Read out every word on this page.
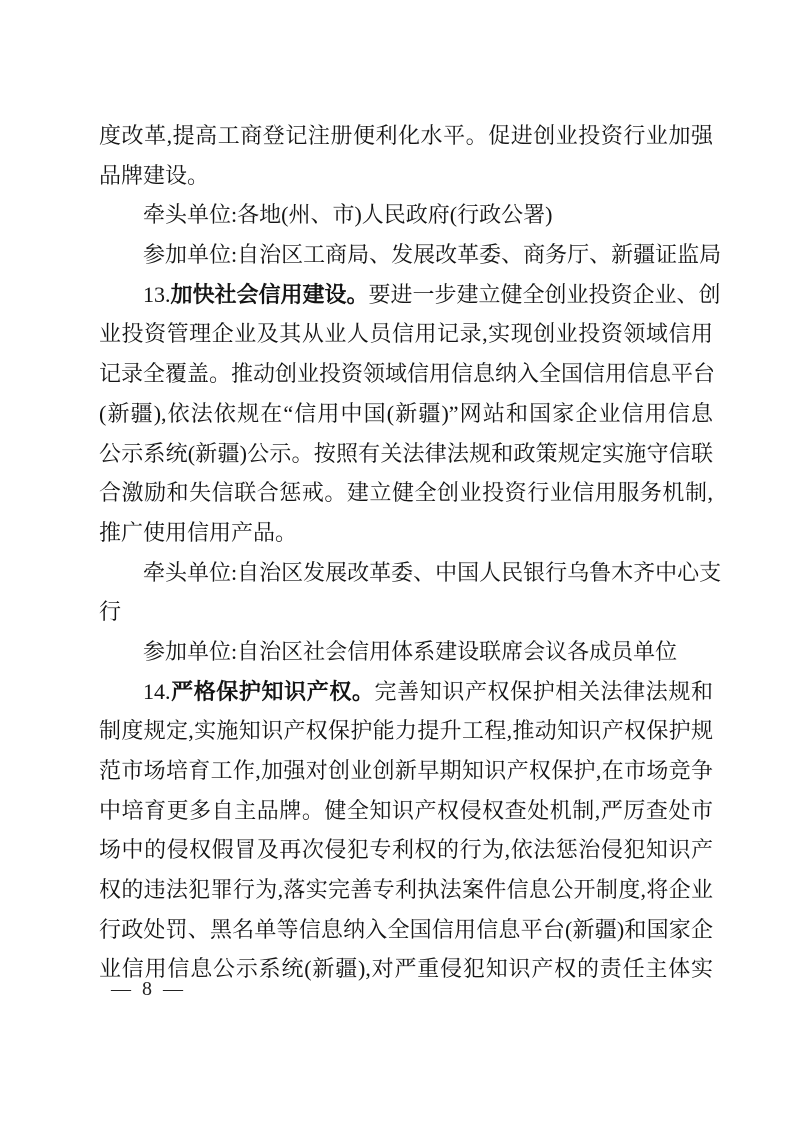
度改革,提高工商登记注册便利化水平。促进创业投资行业加强
品牌建设。
牵头单位:各地(州、市)人民政府(行政公署)
参加单位:自治区工商局、发展改革委、商务厅、新疆证监局
13.加快社会信用建设。要进一步建立健全创业投资企业、创
业投资管理企业及其从业人员信用记录,实现创业投资领域信用
记录全覆盖。推动创业投资领域信用信息纳入全国信用信息平台
(新疆),依法依规在“信用中国(新疆)”网站和国家企业信用信息
公示系统(新疆)公示。按照有关法律法规和政策规定实施守信联
合激励和失信联合惩戒。建立健全创业投资行业信用服务机制,
推广使用信用产品。
牵头单位:自治区发展改革委、中国人民银行乌鲁木齐中心支
行
参加单位:自治区社会信用体系建设联席会议各成员单位
14.严格保护知识产权。完善知识产权保护相关法律法规和
制度规定,实施知识产权保护能力提升工程,推动知识产权保护规
范市场培育工作,加强对创业创新早期知识产权保护,在市场竞争
中培育更多自主品牌。健全知识产权侵权查处机制,严厉查处市
场中的侵权假冒及再次侵犯专利权的行为,依法惩治侵犯知识产
权的违法犯罪行为,落实完善专利执法案件信息公开制度,将企业
行政处罚、黑名单等信息纳入全国信用信息平台(新疆)和国家企
业信用信息公示系统(新疆),对严重侵犯知识产权的责任主体实
— 8 —
